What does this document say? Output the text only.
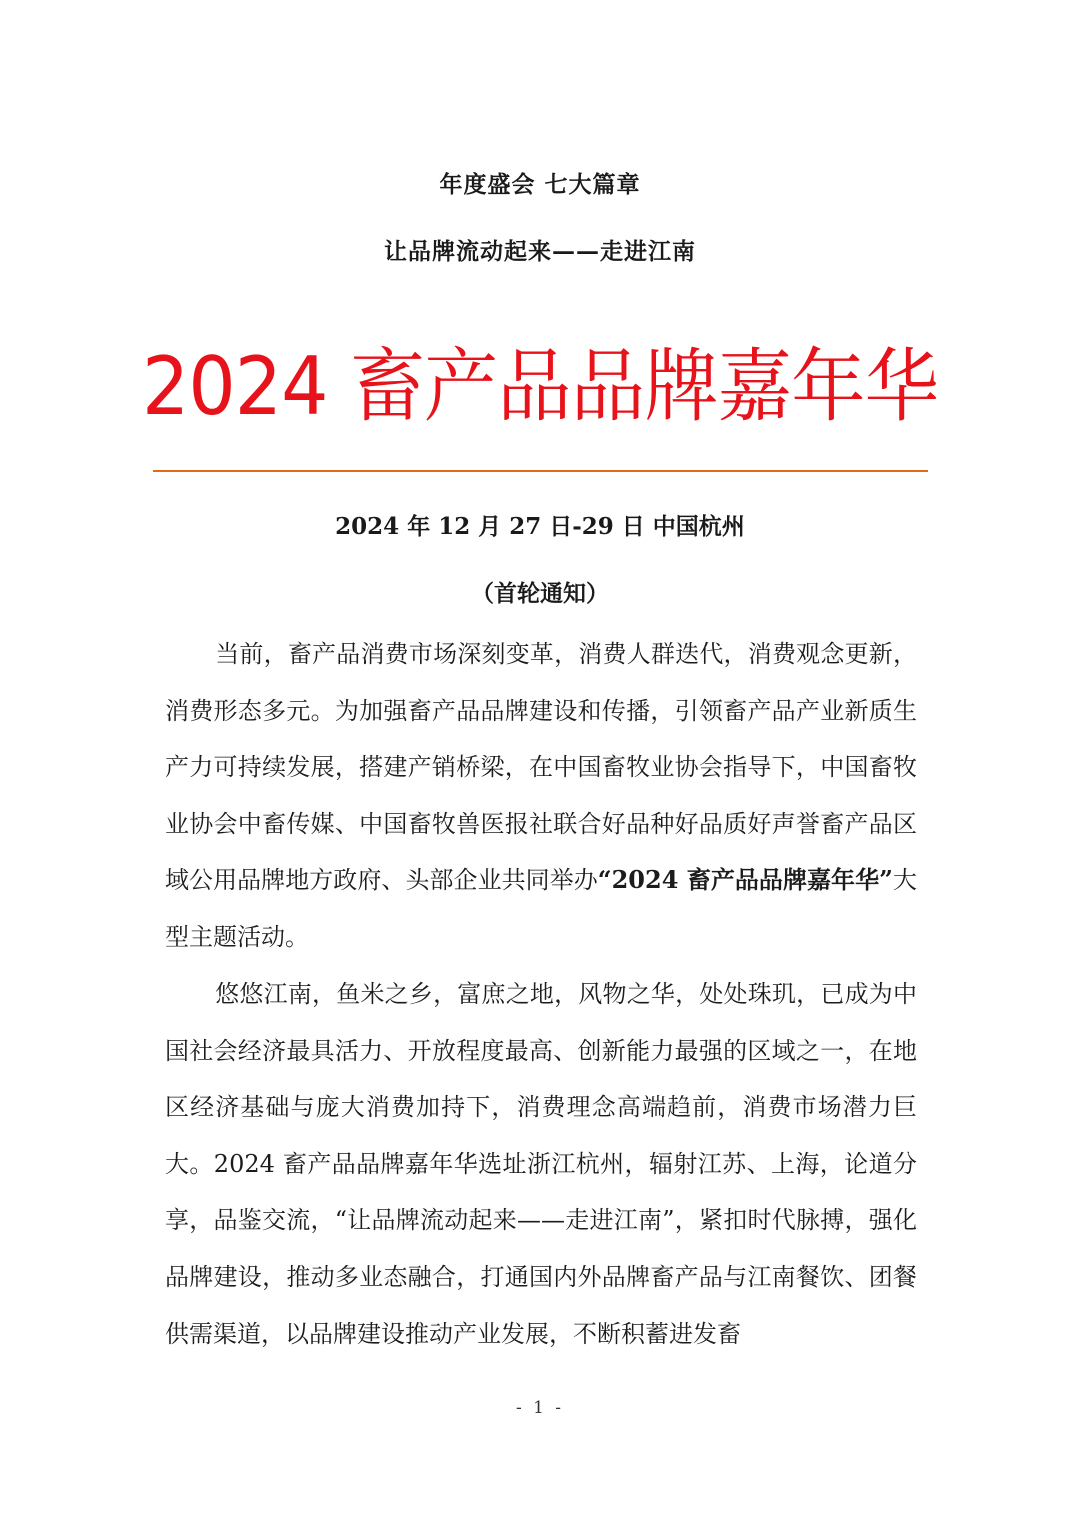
年度盛会 七大篇章
让品牌流动起来——走进江南
2024 畜产品品牌嘉年华
2024 年 12 月 27 日-29 日 中国杭州
（首轮通知）
当前，畜产品消费市场深刻变革，消费人群迭代，消费观念更新，消费形态多元。为加强畜产品品牌建设和传播，引领畜产品产业新质生产力可持续发展，搭建产销桥梁，在中国畜牧业协会指导下，中国畜牧业协会中畜传媒、中国畜牧兽医报社联合好品种好品质好声誉畜产品区域公用品牌地方政府、头部企业共同举办“2024 畜产品品牌嘉年华”大型主题活动。
悠悠江南，鱼米之乡，富庶之地，风物之华，处处珠玑，已成为中国社会经济最具活力、开放程度最高、创新能力最强的区域之一，在地区经济基础与庞大消费加持下，消费理念高端趋前，消费市场潜力巨大。2024 畜产品品牌嘉年华选址浙江杭州，辐射江苏、上海，论道分享，品鉴交流，“让品牌流动起来——走进江南”，紧扣时代脉搏，强化品牌建设，推动多业态融合，打通国内外品牌畜产品与江南餐饮、团餐供需渠道，以品牌建设推动产业发展，不断积蓄进发畜
- 1 -
